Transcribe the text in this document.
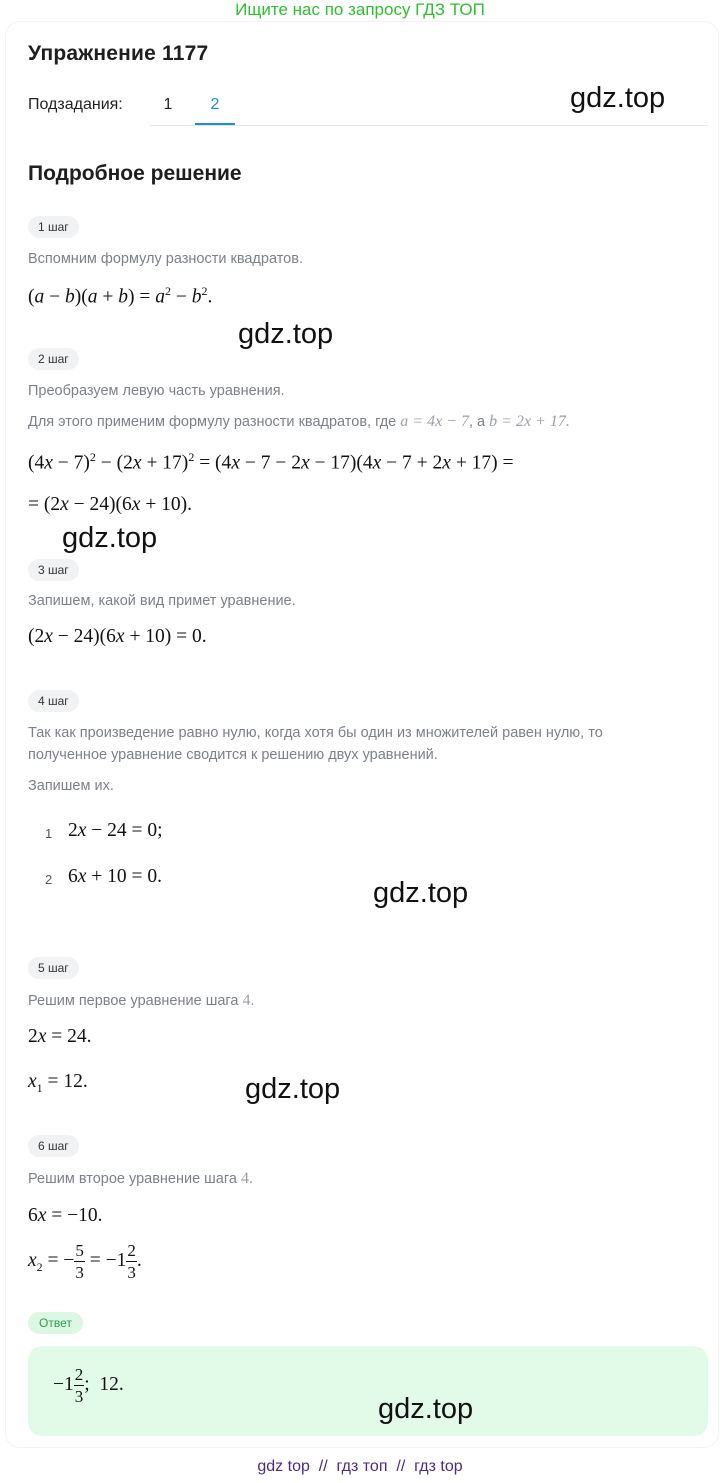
Ищите нас по запросу ГДЗ ТОП
Упражнение 1177
Подзадания:	1	2	gdz.top
Подробное решение
1 шаг
Вспомним формулу разности квадратов.
$(a - b)(a + b) = a^2 - b^2$.
gdz.top
2 шаг
Преобразуем левую часть уравнения.
Для этого применим формулу разности квадратов, где a = 4x − 7, а b = 2x + 17.
$(4x - 7)^2 - (2x + 17)^2 = (4x - 7 - 2x - 17)(4x - 7 + 2x + 17)$ =
= (2x − 24)(6x + 10).
gdz.top
3 шаг
Запишем, какой вид примет уравнение.
(2x − 24)(6x + 10) = 0.
4 шаг
Так как произведение равно нулю, когда хотя бы один из множителей равен нулю, то
полученное уравнение сводится к решению двух уравнений.
Запишем их.
1 2x − 24 = 0;
2 6x + 10 = 0.
gdz.top
5 шаг
Решим первое уравнение шага 4.
2x = 24.
$x_1 = 12$.	gdz.top
6 шаг
Решим второе уравнение шага 4.
6x = −10.
$x_2$ = − $\frac{5}{3} = -1 \frac{2}{3}$ .
Ответ
$-1 \frac{2}{3}$ ;  12.
gdz.top
gdz top  //  гдз топ  //  гдз top
